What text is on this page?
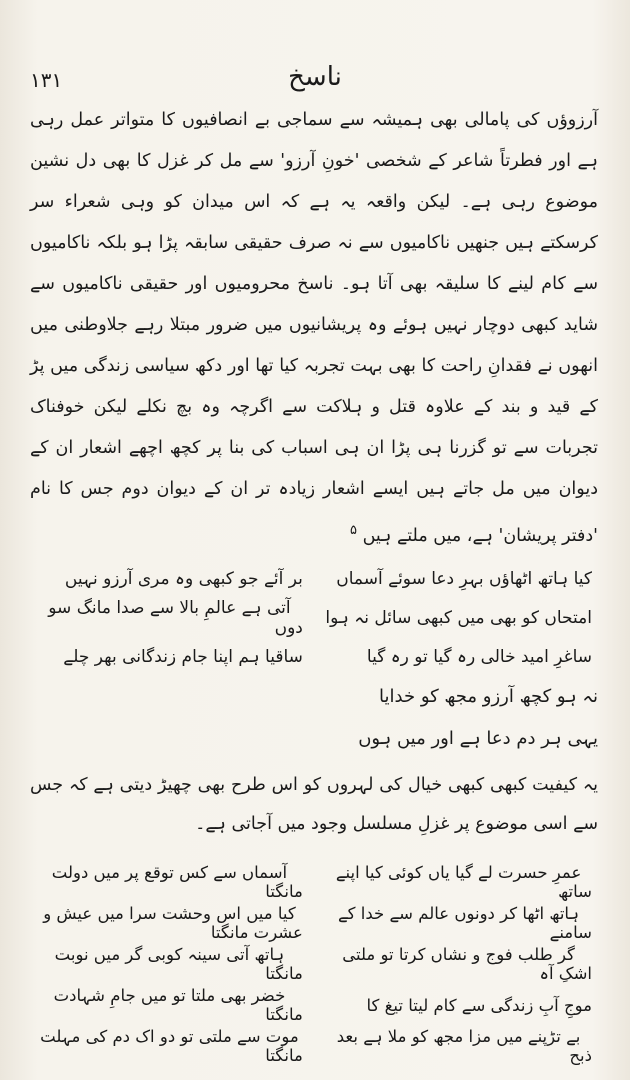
۱۳۱	ناسخ

آرزوؤں کی پامالی بھی ہمیشہ سے سماجی بے انصافیوں کا متواتر عمل رہی ہے اور فطرتاً شاعر کے شخصی 'خونِ آرزو' سے مل کر غزل کا بھی دل نشین موضوع رہی ہے۔ لیکن واقعہ یہ ہے کہ اس میدان کو وہی شعراء سر کرسکتے ہیں جنھیں ناکامیوں سے نہ صرف حقیقی سابقہ پڑا ہو بلکہ ناکامیوں سے کام لینے کا سلیقہ بھی آتا ہو۔ ناسخ محرومیوں اور حقیقی ناکامیوں سے شاید کبھی دوچار نہیں ہوئے وہ پریشانیوں میں ضرور مبتلا رہے جلاوطنی میں انھوں نے فقدانِ راحت کا بھی بہت تجربہ کیا تھا اور دکھ سیاسی زندگی میں پڑ کے قید و بند کے علاوہ قتل و ہلاکت سے اگرچہ وہ بچ نکلے لیکن خوفناک تجربات سے تو گزرنا ہی پڑا ان ہی اسباب کی بنا پر کچھ اچھے اشعار ان کے دیوان میں مل جاتے ہیں ایسے اشعار زیادہ تر ان کے دیوان دوم جس کا نام 'دفتر پریشان' ہے، میں ملتے ہیں $^۵$

کیا ہاتھ اٹھاؤں بہرِ دعا سوئے آسماں
بر آئے جو کبھی وہ مری آرزو نہیں
امتحاں کو بھی میں کبھی سائل نہ ہوا
آتی ہے عالمِ بالا سے صدا مانگ سو دوں
ساغرِ امید خالی رہ گیا تو رہ گیا
ساقیا ہم اپنا جام زندگانی بھر چلے
نہ ہو کچھ آرزو مجھ کو خدایا
یہی ہر دم دعا ہے اور میں ہوں

یہ کیفیت کبھی کبھی خیال کی لہروں کو اس طرح بھی چھیڑ دیتی ہے کہ جس سے اسی موضوع پر غزلِ مسلسل وجود میں آجاتی ہے۔

عمرِ حسرت لے گیا یاں کوئی کیا اپنے ساتھ
آسماں سے کس توقع پر میں دولت مانگتا
ہاتھ اٹھا کر دونوں عالم سے خدا کے سامنے
کیا میں اس وحشت سرا میں عیش و عشرت مانگتا
گر طلب فوج و نشاں کرتا تو ملتی اشکِ آہ
ہاتھ آتی سینہ کوبی گر میں نوبت مانگتا
موجِ آبِ زندگی سے کام لیتا تیغ کا
خضر بھی ملتا تو میں جامِ شہادت مانگتا
بے تڑپنے میں مزا مجھ کو ملا ہے بعد ذبح
موت سے ملتی تو دو اک دم کی مہلت مانگتا
